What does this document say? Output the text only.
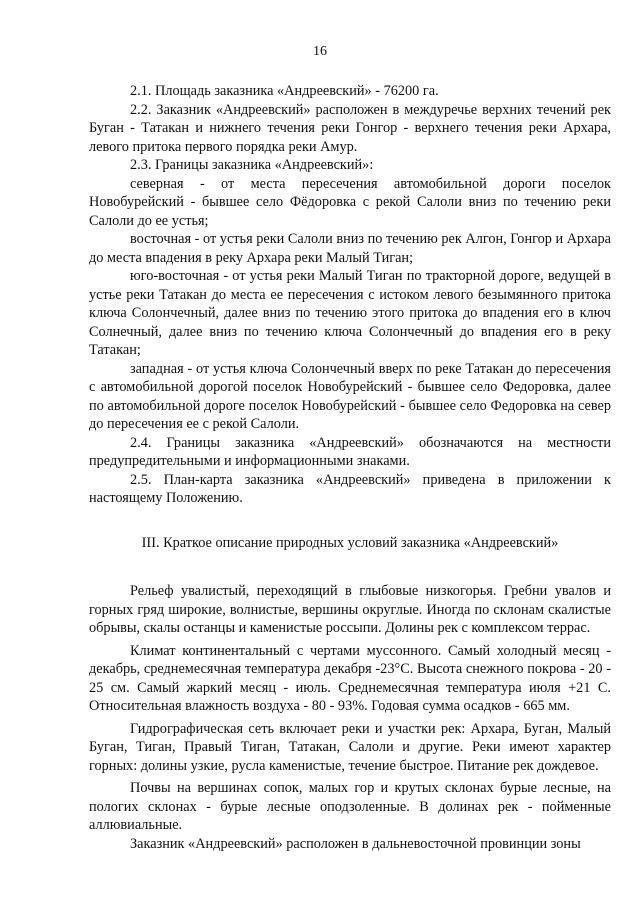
16

2.1. Площадь заказника «Андреевский» - 76200 га.

2.2. Заказник «Андреевский» расположен в междуречье верхних течений рек Буган - Татакан и нижнего течения реки Гонгор - верхнего течения реки Архара, левого притока первого порядка реки Амур.

2.3. Границы заказника «Андреевский»:

северная - от места пересечения автомобильной дороги поселок Новобурейский - бывшее село Фёдоровка с рекой Салоли вниз по течению реки Салоли до ее устья;

восточная - от устья реки Салоли вниз по течению рек Алгон, Гонгор и Архара до места впадения в реку Архара реки Малый Тиган;

юго-восточная - от устья реки Малый Тиган по тракторной дороге, ведущей в устье реки Татакан до места ее пересечения с истоком левого безымянного притока ключа Солончечный, далее вниз по течению этого притока до впадения его в ключ Солнечный, далее вниз по течению ключа Солончечный до впадения его в реку Татакан;

западная - от устья ключа Солончечный вверх по реке Татакан до пересечения с автомобильной дорогой поселок Новобурейский - бывшее село Федоровка, далее по автомобильной дороге поселок Новобурейский - бывшее село Федоровка на север до пересечения ее с рекой Салоли.

2.4. Границы заказника «Андреевский» обозначаются на местности предупредительными и информационными знаками.

2.5. План-карта заказника «Андреевский» приведена в приложении к настоящему Положению.

III. Краткое описание природных условий заказника «Андреевский»

Рельеф увалистый, переходящий в глыбовые низкогорья. Гребни увалов и горных гряд широкие, волнистые, вершины округлые. Иногда по склонам скалистые обрывы, скалы останцы и каменистые россыпи. Долины рек с комплексом террас.

Климат континентальный с чертами муссонного. Самый холодный месяц - декабрь, среднемесячная температура декабря -23°С. Высота снежного покрова - 20 - 25 см. Самый жаркий месяц - июль. Среднемесячная температура июля +21 С. Относительная влажность воздуха - 80 - 93%. Годовая сумма осадков - 665 мм.

Гидрографическая сеть включает реки и участки рек: Архара, Буган, Малый Буган, Тиган, Правый Тиган, Татакан, Салоли и другие. Реки имеют характер горных: долины узкие, русла каменистые, течение быстрое. Питание рек дождевое.

Почвы на вершинах сопок, малых гор и крутых склонах бурые лесные, на пологих склонах - бурые лесные оподзоленные. В долинах рек - пойменные аллювиальные.

Заказник «Андреевский» расположен в дальневосточной провинции зоны
